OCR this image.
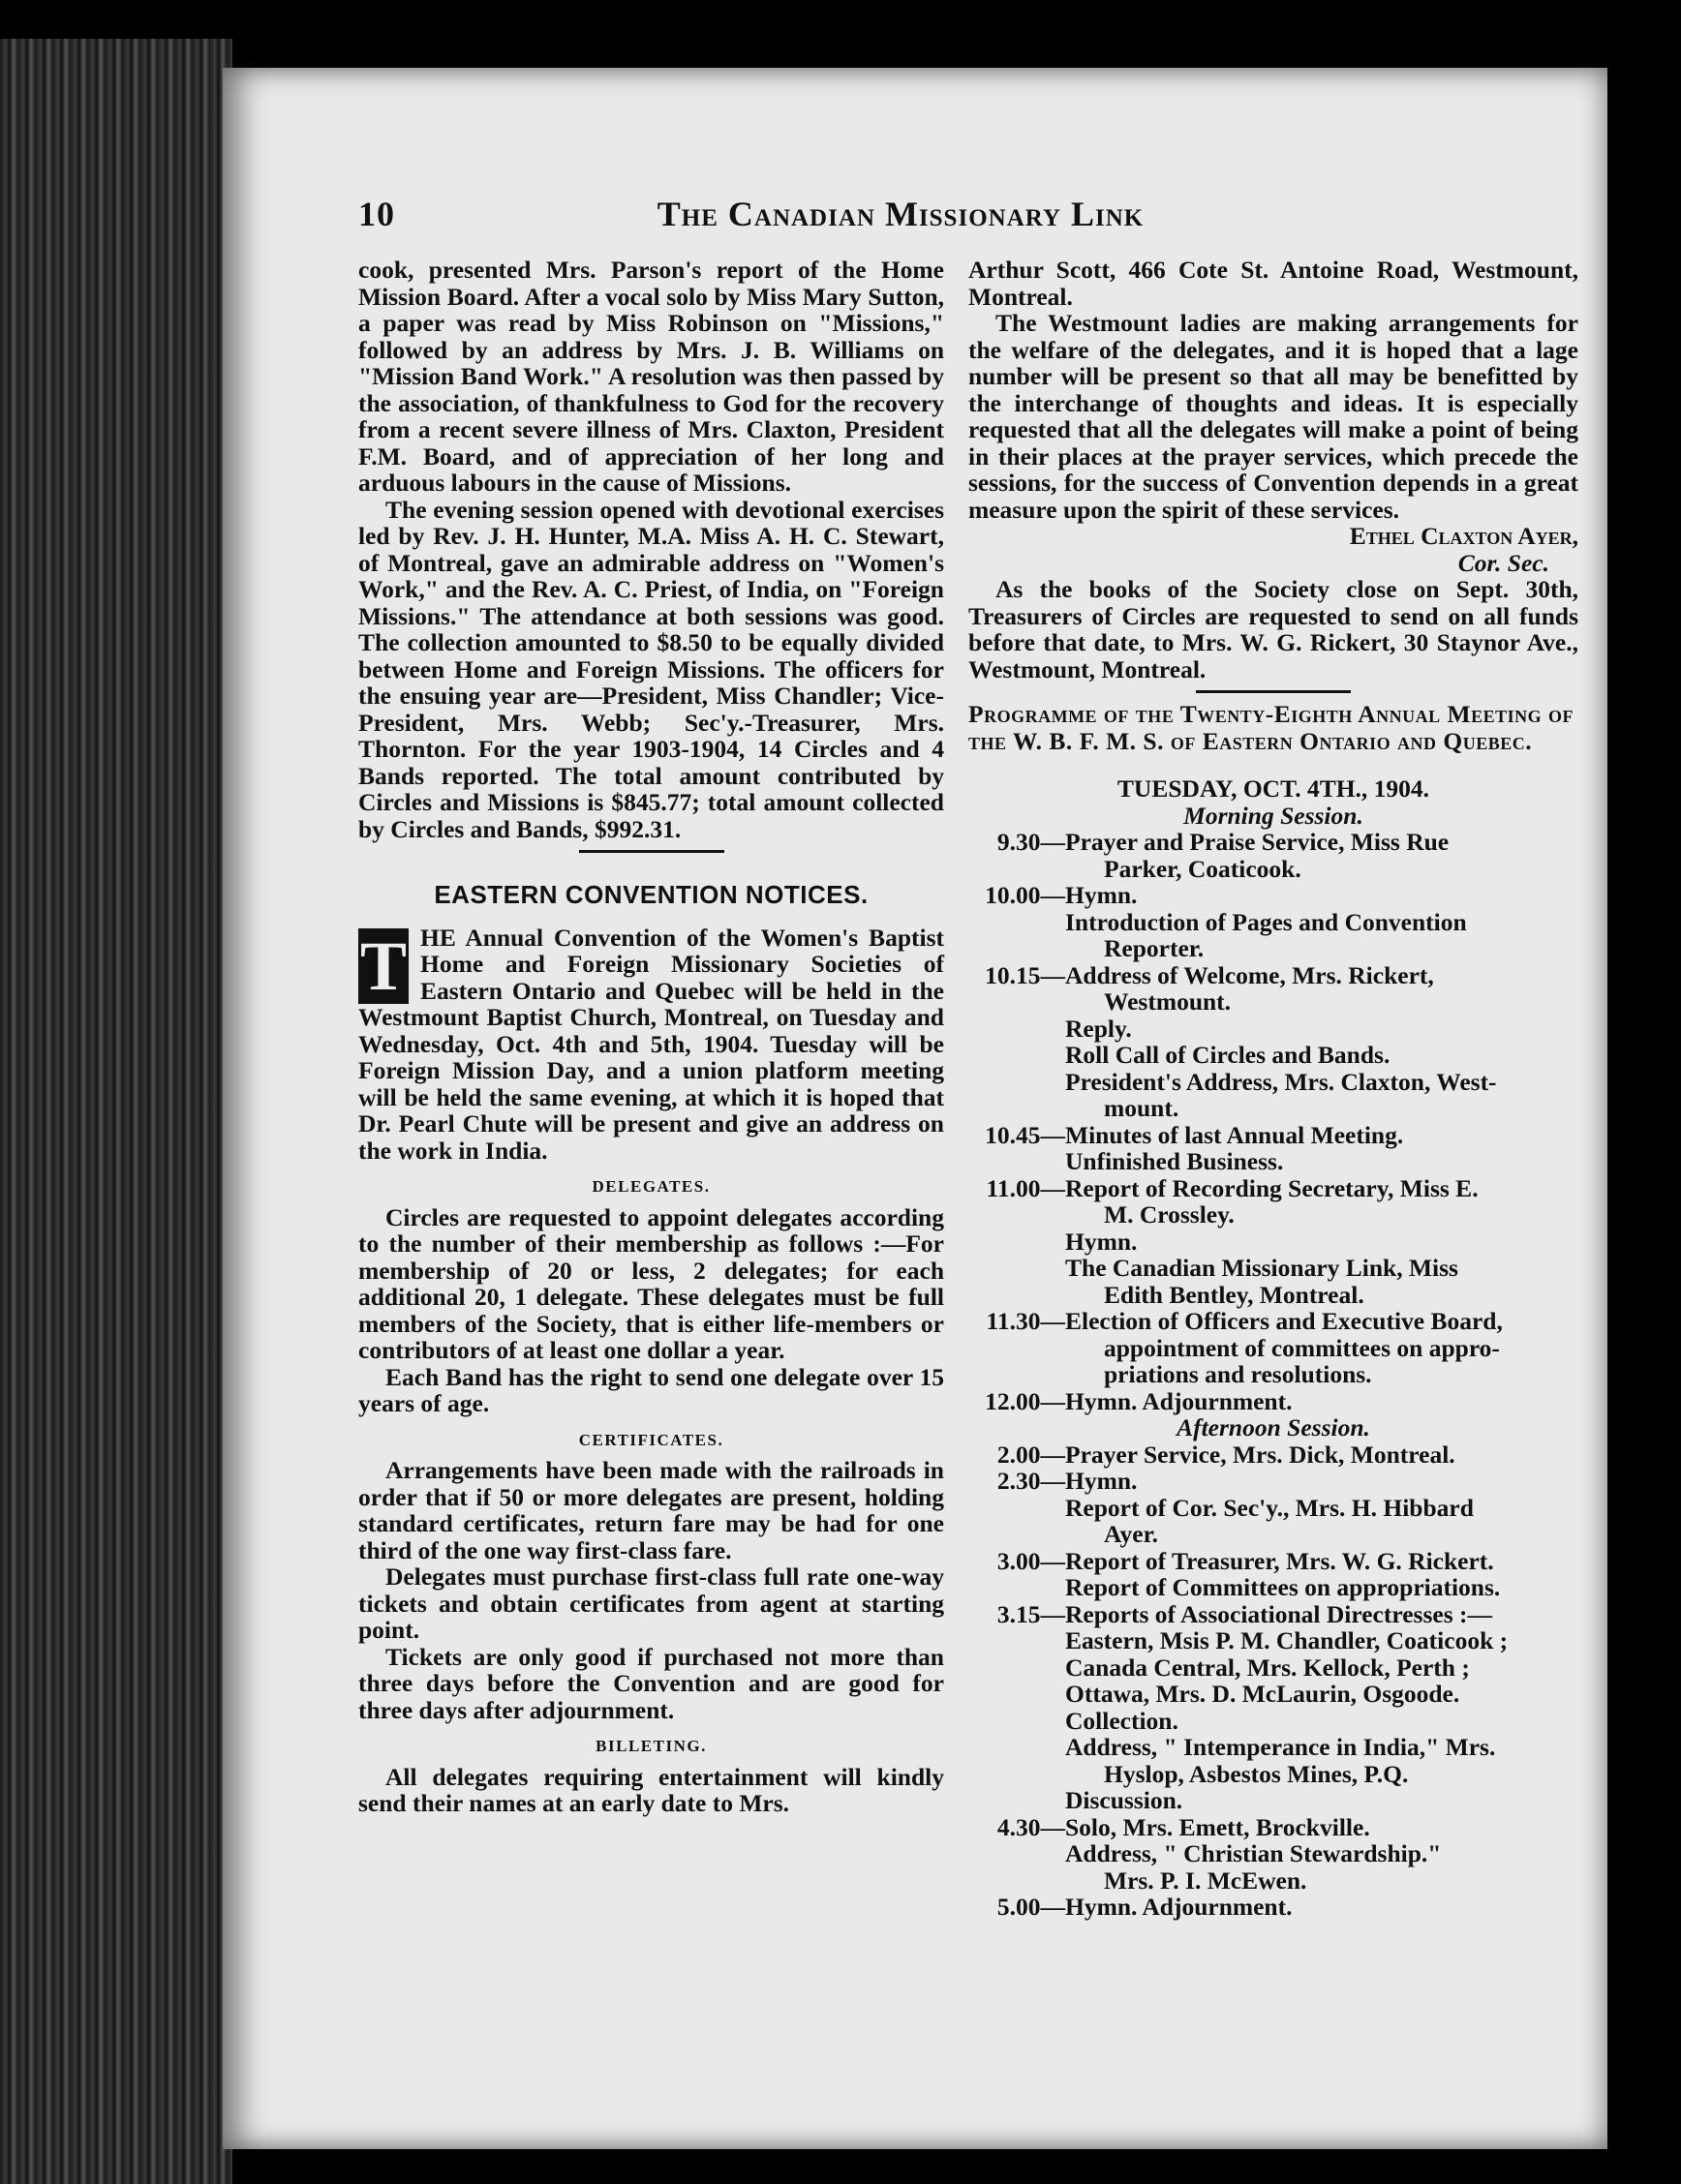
10	The Canadian Missionary Link

cook, presented Mrs. Parson's report of the Home Mission Board. After a vocal solo by Miss Mary Sutton, a paper was read by Miss Robinson on "Missions," followed by an address by Mrs. J. B. Williams on "Mission Band Work." A resolution was then passed by the association, of thankfulness to God for the recovery from a recent severe illness of Mrs. Claxton, President F.M. Board, and of appreciation of her long and arduous labours in the cause of Missions.

The evening session opened with devotional exercises led by Rev. J. H. Hunter, M.A. Miss A. H. C. Stewart, of Montreal, gave an admirable address on "Women's Work," and the Rev. A. C. Priest, of India, on "Foreign Missions." The attendance at both sessions was good. The collection amounted to $8.50 to be equally divided between Home and Foreign Missions. The officers for the ensuing year are—President, Miss Chandler; Vice-President, Mrs. Webb; Sec'y.-Treasurer, Mrs. Thornton. For the year 1903-1904, 14 Circles and 4 Bands reported. The total amount contributed by Circles and Missions is $845.77; total amount collected by Circles and Bands, $992.31.

EASTERN CONVENTION NOTICES.
T HE Annual Convention of the Women's Baptist Home and Foreign Missionary Societies of Eastern Ontario and Quebec will be held in the Westmount Baptist Church, Montreal, on Tuesday and Wednesday, Oct. 4th and 5th, 1904. Tuesday will be Foreign Mission Day, and a union platform meeting will be held the same evening, at which it is hoped that Dr. Pearl Chute will be present and give an address on the work in India.

DELEGATES.

Circles are requested to appoint delegates according to the number of their membership as follows :—For membership of 20 or less, 2 delegates; for each additional 20, 1 delegate. These delegates must be full members of the Society, that is either life-members or contributors of at least one dollar a year.

Each Band has the right to send one delegate over 15 years of age.

CERTIFICATES.

Arrangements have been made with the railroads in order that if 50 or more delegates are present, holding standard certificates, return fare may be had for one third of the one way first-class fare.

Delegates must purchase first-class full rate one-way tickets and obtain certificates from agent at starting point.

Tickets are only good if purchased not more than three days before the Convention and are good for three days after adjournment.

BILLETING.

All delegates requiring entertainment will kindly send their names at an early date to Mrs.

Arthur Scott, 466 Cote St. Antoine Road, Westmount, Montreal.

The Westmount ladies are making arrangements for the welfare of the delegates, and it is hoped that a lage number will be present so that all may be benefitted by the interchange of thoughts and ideas. It is especially requested that all the delegates will make a point of being in their places at the prayer services, which precede the sessions, for the success of Convention depends in a great measure upon the spirit of these services.

Ethel Claxton Ayer,
Cor. Sec.

As the books of the Society close on Sept. 30th, Treasurers of Circles are requested to send on all funds before that date, to Mrs. W. G. Rickert, 30 Staynor Ave., Westmount, Montreal.

Programme of the Twenty-Eighth Annual Meeting of the W. B. F. M. S. of Eastern Ontario and Quebec.
TUESDAY, OCT. 4TH., 1904.
Morning Session.
9.30— Prayer and Praise Service, Miss Rue
Parker, Coaticook.
10.00— Hymn.
Introduction of Pages and Convention
Reporter.
10.15— Address of Welcome, Mrs. Rickert,
Westmount.
Reply.
Roll Call of Circles and Bands.
President's Address, Mrs. Claxton, West-
mount.
10.45— Minutes of last Annual Meeting.
Unfinished Business.
11.00— Report of Recording Secretary, Miss E.
M. Crossley.
Hymn.
The Canadian Missionary Link, Miss
Edith Bentley, Montreal.
11.30— Election of Officers and Executive Board,
appointment of committees on appro-
priations and resolutions.
12.00— Hymn. Adjournment.
Afternoon Session.
2.00— Prayer Service, Mrs. Dick, Montreal.
2.30— Hymn.
Report of Cor. Sec'y., Mrs. H. Hibbard
Ayer.
3.00— Report of Treasurer, Mrs. W. G. Rickert.
Report of Committees on appropriations.
3.15— Reports of Associational Directresses :—
Eastern, Msis P. M. Chandler, Coaticook ;
Canada Central, Mrs. Kellock, Perth ;
Ottawa, Mrs. D. McLaurin, Osgoode.
Collection.
Address, " Intemperance in India," Mrs.
Hyslop, Asbestos Mines, P.Q.
Discussion.
4.30— Solo, Mrs. Emett, Brockville.
Address, " Christian Stewardship."
Mrs. P. I. McEwen.
5.00— Hymn. Adjournment.
